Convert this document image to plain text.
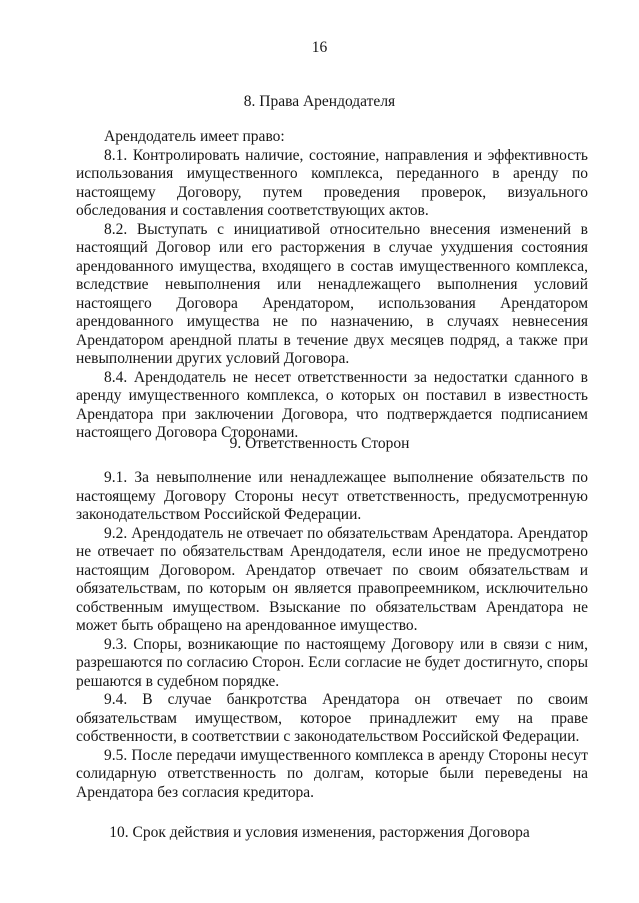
16
8. Права Арендодателя

Арендодатель имеет право:

8.1. Контролировать наличие, состояние, направления и эффективность использования имущественного комплекса, переданного в аренду по настоящему Договору, путем проведения проверок, визуального обследования и составления соответствующих актов.

8.2. Выступать с инициативой относительно внесения изменений в настоящий Договор или его расторжения в случае ухудшения состояния арендованного имущества, входящего в состав имущественного комплекса, вследствие невыполнения или ненадлежащего выполнения условий настоящего Договора Арендатором, использования Арендатором арендованного имущества не по назначению, в случаях невнесения Арендатором арендной платы в течение двух месяцев подряд, а также при невыполнении других условий Договора.

8.4. Арендодатель не несет ответственности за недостатки сданного в аренду имущественного комплекса, о которых он поставил в известность Арендатора при заключении Договора, что подтверждается подписанием настоящего Договора Сторонами.

9. Ответственность Сторон

9.1. За невыполнение или ненадлежащее выполнение обязательств по настоящему Договору Стороны несут ответственность, предусмотренную законодательством Российской Федерации.

9.2. Арендодатель не отвечает по обязательствам Арендатора. Арендатор не отвечает по обязательствам Арендодателя, если иное не предусмотрено настоящим Договором. Арендатор отвечает по своим обязательствам и обязательствам, по которым он является правопреемником, исключительно собственным имуществом. Взыскание по обязательствам Арендатора не может быть обращено на арендованное имущество.

9.3. Споры, возникающие по настоящему Договору или в связи с ним, разрешаются по согласию Сторон. Если согласие не будет достигнуто, споры решаются в судебном порядке.

9.4. В случае банкротства Арендатора он отвечает по своим обязательствам имуществом, которое принадлежит ему на праве собственности, в соответствии с законодательством Российской Федерации.

9.5. После передачи имущественного комплекса в аренду Стороны несут солидарную ответственность по долгам, которые были переведены на Арендатора без согласия кредитора.

10. Срок действия и условия изменения, расторжения Договора
